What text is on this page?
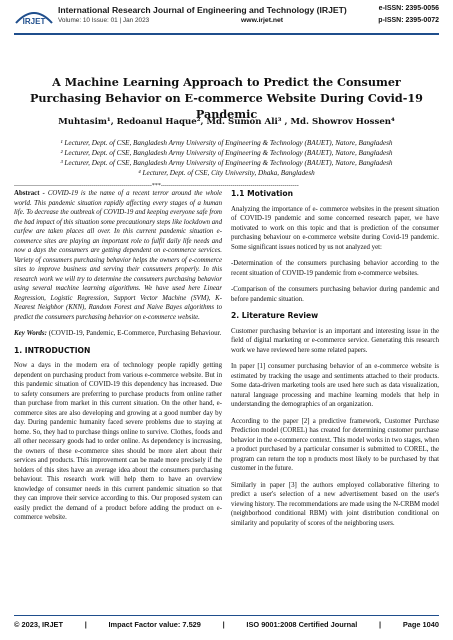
IRJET
International Research Journal of Engineering and Technology (IRJET)
Volume: 10 Issue: 01 | Jan 2023	www.irjet.net
e-ISSN: 2395-0056
p-ISSN: 2395-0072
A Machine Learning Approach to Predict the Consumer Purchasing Behavior on E-commerce Website During Covid-19 Pandemic
Muhtasim¹, Redoanul Haque², Md. Sumon Ali³ , Md. Showrov Hossen⁴
¹ Lecturer, Dept. of CSE, Bangladesh Army University of Engineering & Technology (BAUET), Natore, Bangladesh
² Lecturer, Dept. of CSE, Bangladesh Army University of Engineering & Technology (BAUET), Natore, Bangladesh
³ Lecturer, Dept. of CSE, Bangladesh Army University of Engineering & Technology (BAUET), Natore, Bangladesh
⁴ Lecturer, Dept. of CSE, City University, Dhaka, Bangladesh
---------------------------------------------------------------------***---------------------------------------------------------------------

Abstract - COVID-19 is the name of a recent terror around the whole world. This pandemic situation rapidly affecting every stages of a human life. To decrease the outbreak of COVID-19 and keeping everyone safe from the bad impact of this situation some precautionary steps like lockdown and curfew are taken places all over. In this current pandemic situation e-commerce sites are playing an important role to fulfil daily life needs and now a days the consumers are getting dependent on e-commerce services. Variety of consumers purchasing behavior helps the owners of e-commerce sites to improve business and serving their consumers properly. In this research work we will try to determine the consumers purchasing behavior using several machine learning algorithms. We have used here Linear Regression, Logistic Regression, Support Vector Machine (SVM), K-Nearest Neighbor (KNN), Random Forest and Naive Bayes algorithms to predict the consumers purchasing behavior on e-commerce website.

Key Words: (COVID-19, Pandemic, E-Commerce, Purchasing Behaviour.

1. INTRODUCTION

Now a days in the modern era of technology people rapidly getting dependent on purchasing product from various e-commerce website. But in this pandemic situation of COVID-19 this dependency has increased. Due to safety consumers are preferring to purchase products from online rather than purchase from market in this current situation. On the other hand, e-commerce sites are also developing and growing at a good number day by day. During pandemic humanity faced severe problems due to staying at home. So, they had to purchase things online to survive. Clothes, foods and all other necessary goods had to order online. As dependency is increasing, the owners of these e-commerce sites should be more alert about their services and products. This improvement can be made more precisely if the holders of this sites have an average idea about the consumers purchasing behaviour. This research work will help them to have an overview knowledge of consumer needs in this current pandemic situation so that they can improve their service according to this. Our proposed system can easily predict the demand of a product before adding the product on e-commerce website.

1.1 Motivation

Analyzing the importance of e- commerce websites in the present situation of COVID-19 pandemic and some concerned research paper, we have motivated to work on this topic and that is prediction of the consumer purchasing behaviour on e-commerce website during Covid-19 pandemic. Some significant issues noticed by us not analyzed yet:

-Determination of the consumers purchasing behavior according to the recent situation of COVID-19 pandemic from e-commerce websites.

-Comparison of the consumers purchasing behavior during pandemic and before pandemic situation.

2. Literature Review

Customer purchasing behavior is an important and interesting issue in the field of digital marketing or e-commerce service. Generating this research work we have reviewed here some related papers.

In paper [1] consumer purchasing behavior of an e-commerce website is estimated by tracking the usage and sentiments attached to their products. Some data-driven marketing tools are used here such as data visualization, natural language processing and machine learning models that help in understanding the demographics of an organization.

According to the paper [2] a predictive framework, Customer Purchase Prediction model (COREL) has created for determining customer purchase behavior in the e-commerce context. This model works in two stages, when a product purchased by a particular consumer is submitted to COREL, the program can return the top n products most likely to be purchased by that customer in the future.

Similarly in paper [3] the authors employed collaborative filtering to predict a user's selection of a new advertisement based on the user's viewing history. The recommendations are made using the N-CRBM model (neighborhood conditional RBM) with joint distribution conditional on similarity and popularity of scores of the neighboring users.

© 2023, IRJET	|	Impact Factor value: 7.529	|	ISO 9001:2008 Certified Journal	|	Page 1040
